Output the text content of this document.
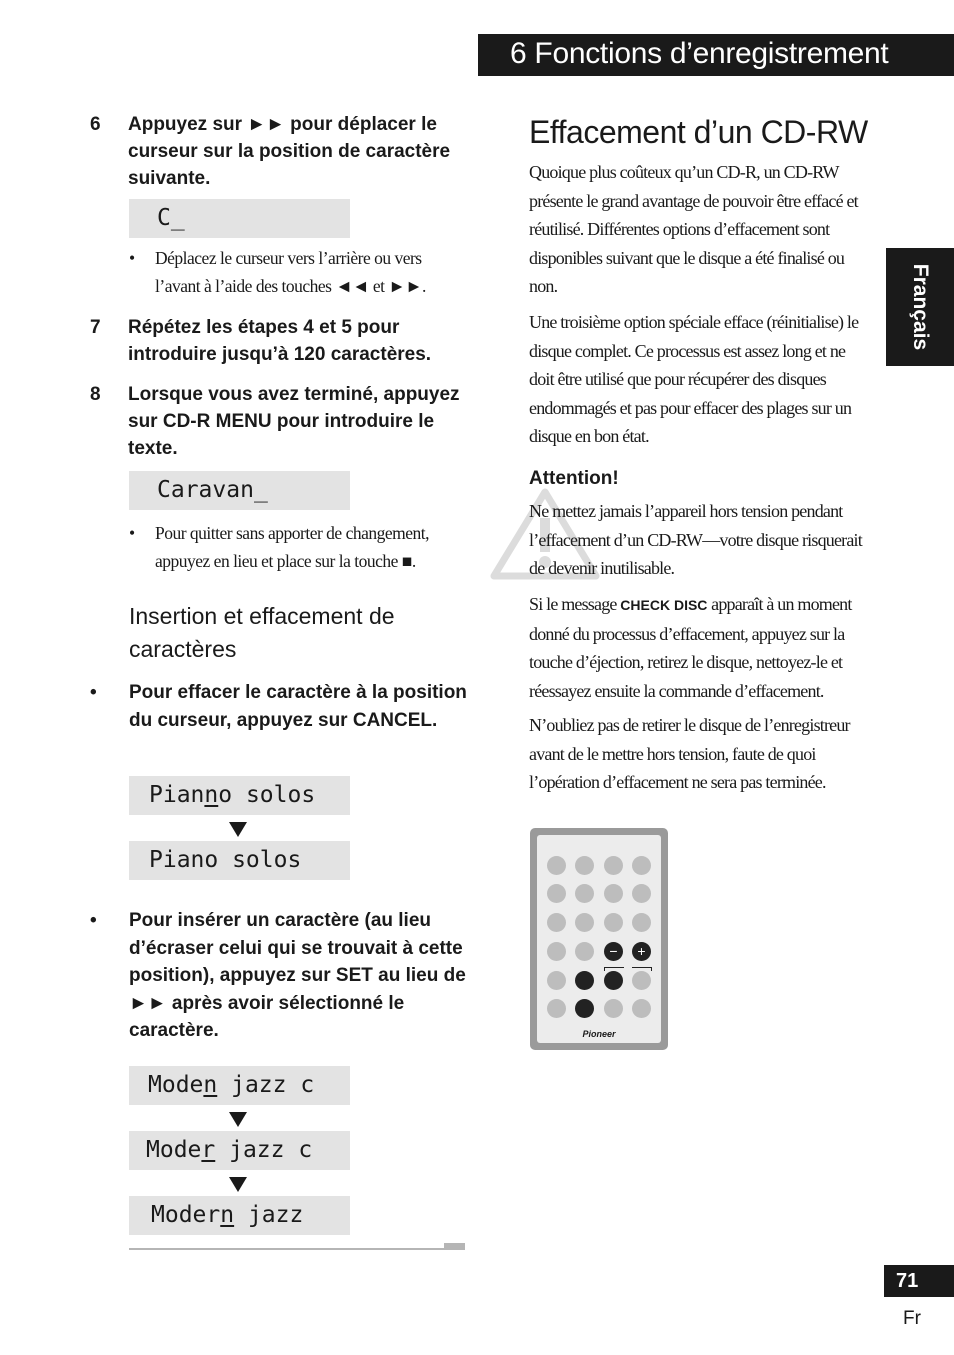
6 Fonctions d’enregistrement
Français
6 Appuyez sur ►► pour déplacer le curseur sur la position de caractère suivante.

C_

• Déplacez le curseur vers l’arrière ou vers l’avant à l’aide des touches ◄◄ et ►►.
7 Répétez les étapes 4 et 5 pour introduire jusqu’à 120 caractères.
8 Lorsque vous avez terminé, appuyez sur CD-R MENU pour introduire le texte.

Caravan_

• Pour quitter sans apporter de changement, appuyez en lieu et place sur la touche ■.
Insertion et effacement de caractères
• Pour effacer le caractère à la position du curseur, appuyez sur CANCEL.

Pianno solos

Piano solos

• Pour insérer un caractère (au lieu d’écraser celui qui se trouvait à cette position), appuyez sur SET au lieu de ►► après avoir sélectionné le caractère.

Moden jazz c

Moder jazz c

Modern jazz

Effacement d’un CD-RW
Quoique plus coûteux qu’un CD-R, un CD-RW présente le grand avantage de pouvoir être effacé et réutilisé. Différentes options d’effacement sont disponibles suivant que le disque a été finalisé ou non.
Une troisième option spéciale efface (réinitialise) le disque complet. Ce processus est assez long et ne doit être utilisé que pour récupérer des disques endommagés et pas pour effacer des plages sur un disque en bon état.
Attention!
Ne mettez jamais l’appareil hors tension pendant l’effacement d’un CD-RW—votre disque risquerait de devenir inutilisable.
Si le message CHECK DISC apparaît à un moment donné du processus d’effacement, appuyez sur la touche d’éjection, retirez le disque, nettoyez-le et réessayez ensuite la commande d’effacement.
N’oubliez pas de retirer le disque de l’enregistreur avant de le mettre hors tension, faute de quoi l’opération d’effacement ne sera pas terminée.
−	+
Pioneer
71
Fr
